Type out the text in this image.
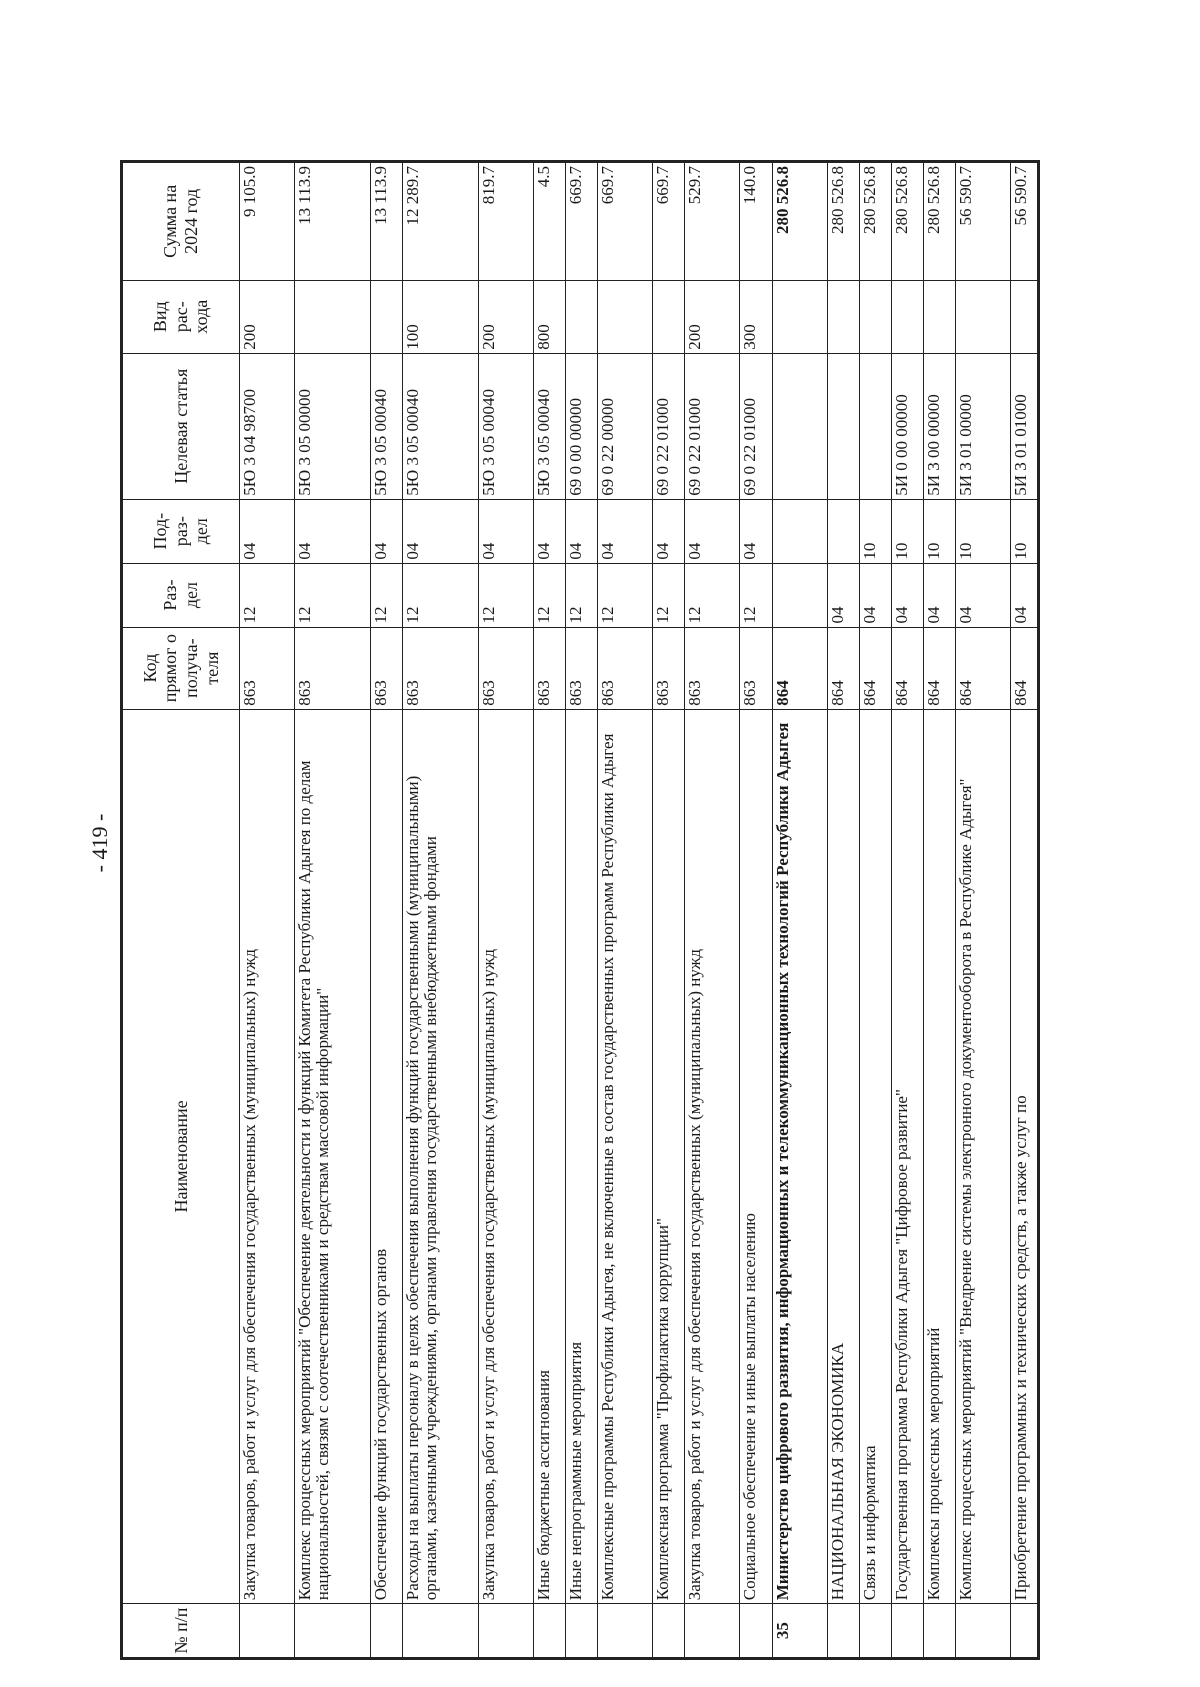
- 419 -
№ п/п	Наименование	Код прямог о получа- теля	Раз- дел	Под- раз- дел	Целевая статья	Вид рас- хода	Сумма на 2024 год
	Закупка товаров, работ и услуг для обеспечения государственных (муниципальных) нужд	863	12	04	5Ю 3 04 98700	200	9 105.0
	Комплекс процессных мероприятий "Обеспечение деятельности и функций Комитета Республики Адыгея по делам национальностей, связям с соотечественниками и средствам массовой информации"	863	12	04	5Ю 3 05 00000		13 113.9
	Обеспечение функций государственных органов	863	12	04	5Ю 3 05 00040		13 113.9
	Расходы на выплаты персоналу в целях обеспечения выполнения функций государственными (муниципальными) органами, казенными учреждениями, органами управления государственными внебюджетными фондами	863	12	04	5Ю 3 05 00040	100	12 289.7
	Закупка товаров, работ и услуг для обеспечения государственных (муниципальных) нужд	863	12	04	5Ю 3 05 00040	200	819.7
	Иные бюджетные ассигнования	863	12	04	5Ю 3 05 00040	800	4.5
	Иные непрограммные мероприятия	863	12	04	69 0 00 00000		669.7
	Комплексные программы Республики Адыгея, не включенные в состав государственных программ Республики Адыгея	863	12	04	69 0 22 00000		669.7
	Комплексная программа "Профилактика коррупции"	863	12	04	69 0 22 01000		669.7
	Закупка товаров, работ и услуг для обеспечения государственных (муниципальных) нужд	863	12	04	69 0 22 01000	200	529.7
	Социальное обеспечение и иные выплаты населению	863	12	04	69 0 22 01000	300	140.0
35	Министерство цифрового развития, информационных и телекоммуникационных технологий Республики Адыгея	864					280 526.8
	НАЦИОНАЛЬНАЯ ЭКОНОМИКА	864	04				280 526.8
	Связь и информатика	864	04	10			280 526.8
	Государственная программа Республики Адыгея "Цифровое развитие"	864	04	10	5И 0 00 00000		280 526.8
	Комплексы процессных мероприятий	864	04	10	5И 3 00 00000		280 526.8
	Комплекс процессных мероприятий "Внедрение системы электронного документооборота в Республике Адыгея"	864	04	10	5И 3 01 00000		56 590.7
	Приобретение программных и технических средств, а также услуг по	864	04	10	5И 3 01 01000		56 590.7
